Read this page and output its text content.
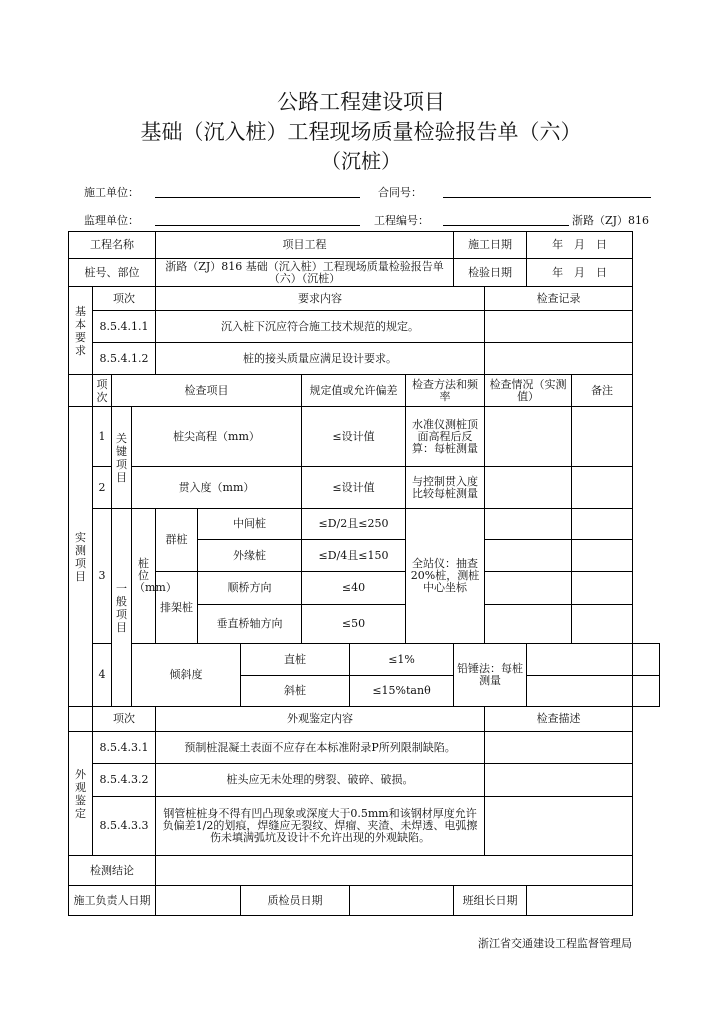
公路工程建设项目
基础（沉入桩）工程现场质量检验报告单（六）
（沉桩）
施工单位：	合同号：
监理单位：	工程编号：	浙路（ZJ）816
工程名称				项目工程						施工日期		年　月　日		
桩号、部位				浙路（ZJ）816 基础（沉入桩）工程现场质量检验报告单（六）（沉桩）						检验日期		年　月　日		
基本要求	项次			要求内容							检查记录			
	8.5.4.1.1			沉入桩下沉应符合施工技术规范的规定。										
	8.5.4.1.2			桩的接头质量应满足设计要求。										
	项次	检查项目					规定值或允许偏差		检查方法和频率		检查情况（实测值）		备注	
实测项目	1	关键项目	桩尖高程（mm）				≤设计值		水准仪测桩顶面高程后反算：每桩测量					
	2		贯入度（mm）				≤设计值		与控制贯入度比较每桩测量					
	3	一般项目	桩位（mm）	群桩	中间桩		≤D/2且≤250		全站仪：抽查20%桩，测桩中心坐标					
					外缘桩		≤D/4且≤150							
				排架桩	顺桥方向		≤40							
					垂直桥轴方向		≤50							
	4		倾斜度			直桩		≤1%		铅锤法：每桩测量				
						斜桩		≤15%tanθ						
	项次			外观鉴定内容							检查描述			
外观鉴定	8.5.4.3.1			预制桩混凝土表面不应存在本标准附录P所列限制缺陷。										
	8.5.4.3.2			桩头应无未处理的劈裂、破碎、破损。										
	8.5.4.3.3			钢管桩桩身不得有凹凸现象或深度大于0.5mm和该钢材厚度允许负偏差1/2的划痕，焊缝应无裂纹、焊瘤、夹渣、未焊透、电弧擦伤未填满弧坑及设计不允许出现的外观缺陷。										
检测结论														
施工负责人日期						质检员日期				班组长日期				
浙江省交通建设工程监督管理局
